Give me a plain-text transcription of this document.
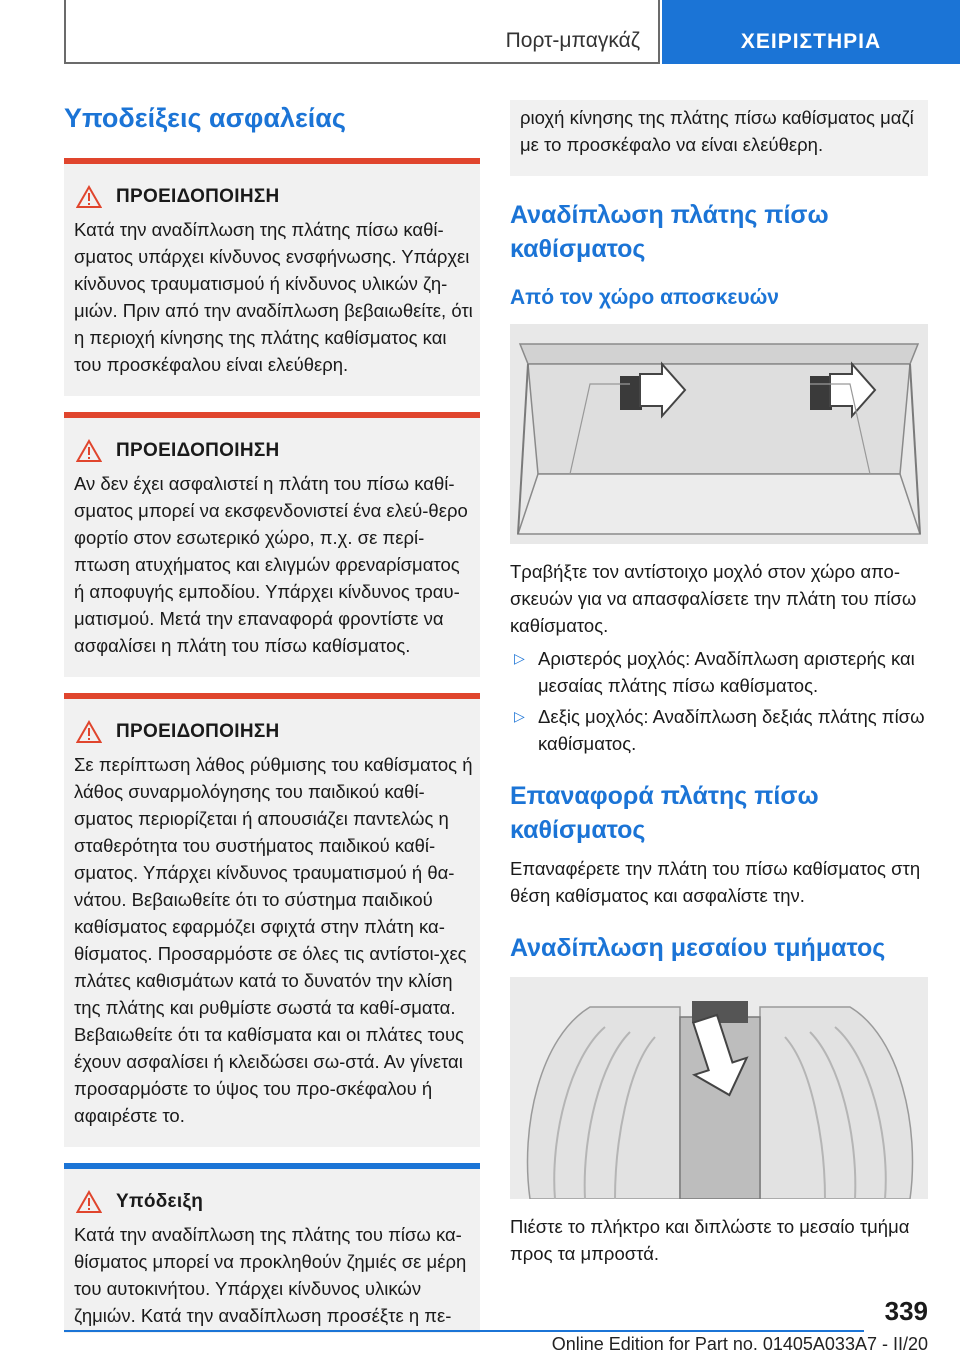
Πορτ-μπαγκάζ	ΧΕΙΡΙΣΤΗΡΙΑ
Υποδείξεις ασφαλείας
ΠΡΟΕΙΔΟΠΟΙΗΣΗ
Κατά την αναδίπλωση της πλάτης πίσω καθί-σματος υπάρχει κίνδυνος ενσφήνωσης. Υπάρχει κίνδυνος τραυματισμού ή κίνδυνος υλικών ζη-μιών. Πριν από την αναδίπλωση βεβαιωθείτε, ότι η περιοχή κίνησης της πλάτης καθίσματος και του προσκέφαλου είναι ελεύθερη.
ΠΡΟΕΙΔΟΠΟΙΗΣΗ
Αν δεν έχει ασφαλιστεί η πλάτη του πίσω καθί-σματος μπορεί να εκσφενδονιστεί ένα ελεύ-θερο φορτίο στον εσωτερικό χώρο, π.χ. σε περί-πτωση ατυχήματος και ελιγμών φρεναρίσματος ή αποφυγής εμποδίου. Υπάρχει κίνδυνος τραυ-ματισμού. Μετά την επαναφορά φροντίστε να ασφαλίσει η πλάτη του πίσω καθίσματος.
ΠΡΟΕΙΔΟΠΟΙΗΣΗ
Σε περίπτωση λάθος ρύθμισης του καθίσματος ή λάθος συναρμολόγησης του παιδικού καθί-σματος περιορίζεται ή απουσιάζει παντελώς η σταθερότητα του συστήματος παιδικού καθί-σματος. Υπάρχει κίνδυνος τραυματισμού ή θα-νάτου. Βεβαιωθείτε ότι το σύστημα παιδικού καθίσματος εφαρμόζει σφιχτά στην πλάτη κα-θίσματος. Προσαρμόστε σε όλες τις αντίστοι-χες πλάτες καθισμάτων κατά το δυνατόν την κλίση της πλάτης και ρυθμίστε σωστά τα καθί-σματα. Βεβαιωθείτε ότι τα καθίσματα και οι πλάτες τους έχουν ασφαλίσει ή κλειδώσει σω-στά. Αν γίνεται προσαρμόστε το ύψος του προ-σκέφαλου ή αφαιρέστε το.
Υπόδειξη
Κατά την αναδίπλωση της πλάτης του πίσω κα-θίσματος μπορεί να προκληθούν ζημιές σε μέρη του αυτοκινήτου. Υπάρχει κίνδυνος υλικών ζημιών. Κατά την αναδίπλωση προσέξτε η πε-
ριοχή κίνησης της πλάτης πίσω καθίσματος μαζί με το προσκέφαλο να είναι ελεύθερη.
Αναδίπλωση πλάτης πίσω καθίσματος
Από τον χώρο αποσκευών
Τραβήξτε τον αντίστοιχο μοχλό στον χώρο απο-σκευών για να απασφαλίσετε την πλάτη του πίσω καθίσματος.
▷ Αριστερός μοχλός: Αναδίπλωση αριστερής και μεσαίας πλάτης πίσω καθίσματος.
▷ Δεξiς μοχλός: Αναδίπλωση δεξιάς πλάτης πίσω καθίσματος.
Επαναφορά πλάτης πίσω καθίσματος
Επαναφέρετε την πλάτη του πίσω καθίσματος στη θέση καθίσματος και ασφαλίστε την.
Αναδίπλωση μεσαίου τμήματος
Πιέστε το πλήκτρο και διπλώστε το μεσαίο τμήμα προς τα μπροστά.
339
Online Edition for Part no. 01405A033A7 - II/20
